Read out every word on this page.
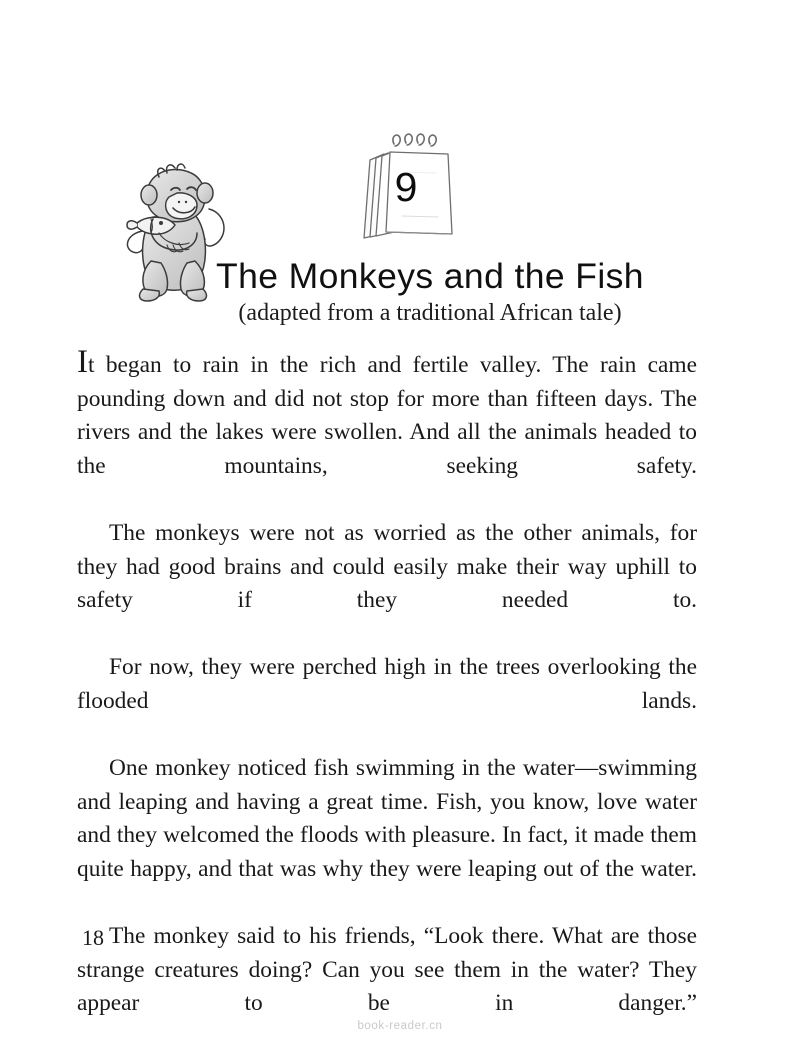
9
The Monkeys and the Fish
(adapted from a traditional African tale)

It began to rain in the rich and fertile valley. The rain came pounding down and did not stop for more than fifteen days. The rivers and the lakes were swollen. And all the animals headed to the mountains, seeking safety.

The monkeys were not as worried as the other animals, for they had good brains and could easily make their way uphill to safety if they needed to.

For now, they were perched high in the trees overlooking the flooded lands.

One monkey noticed fish swimming in the water—swimming and leaping and having a great time. Fish, you know, love water and they welcomed the floods with pleasure. In fact, it made them quite happy, and that was why they were leaping out of the water.

The monkey said to his friends, “Look there. What are those strange creatures doing? Can you see them in the water? They appear to be in danger.”

18
book-reader.cn
